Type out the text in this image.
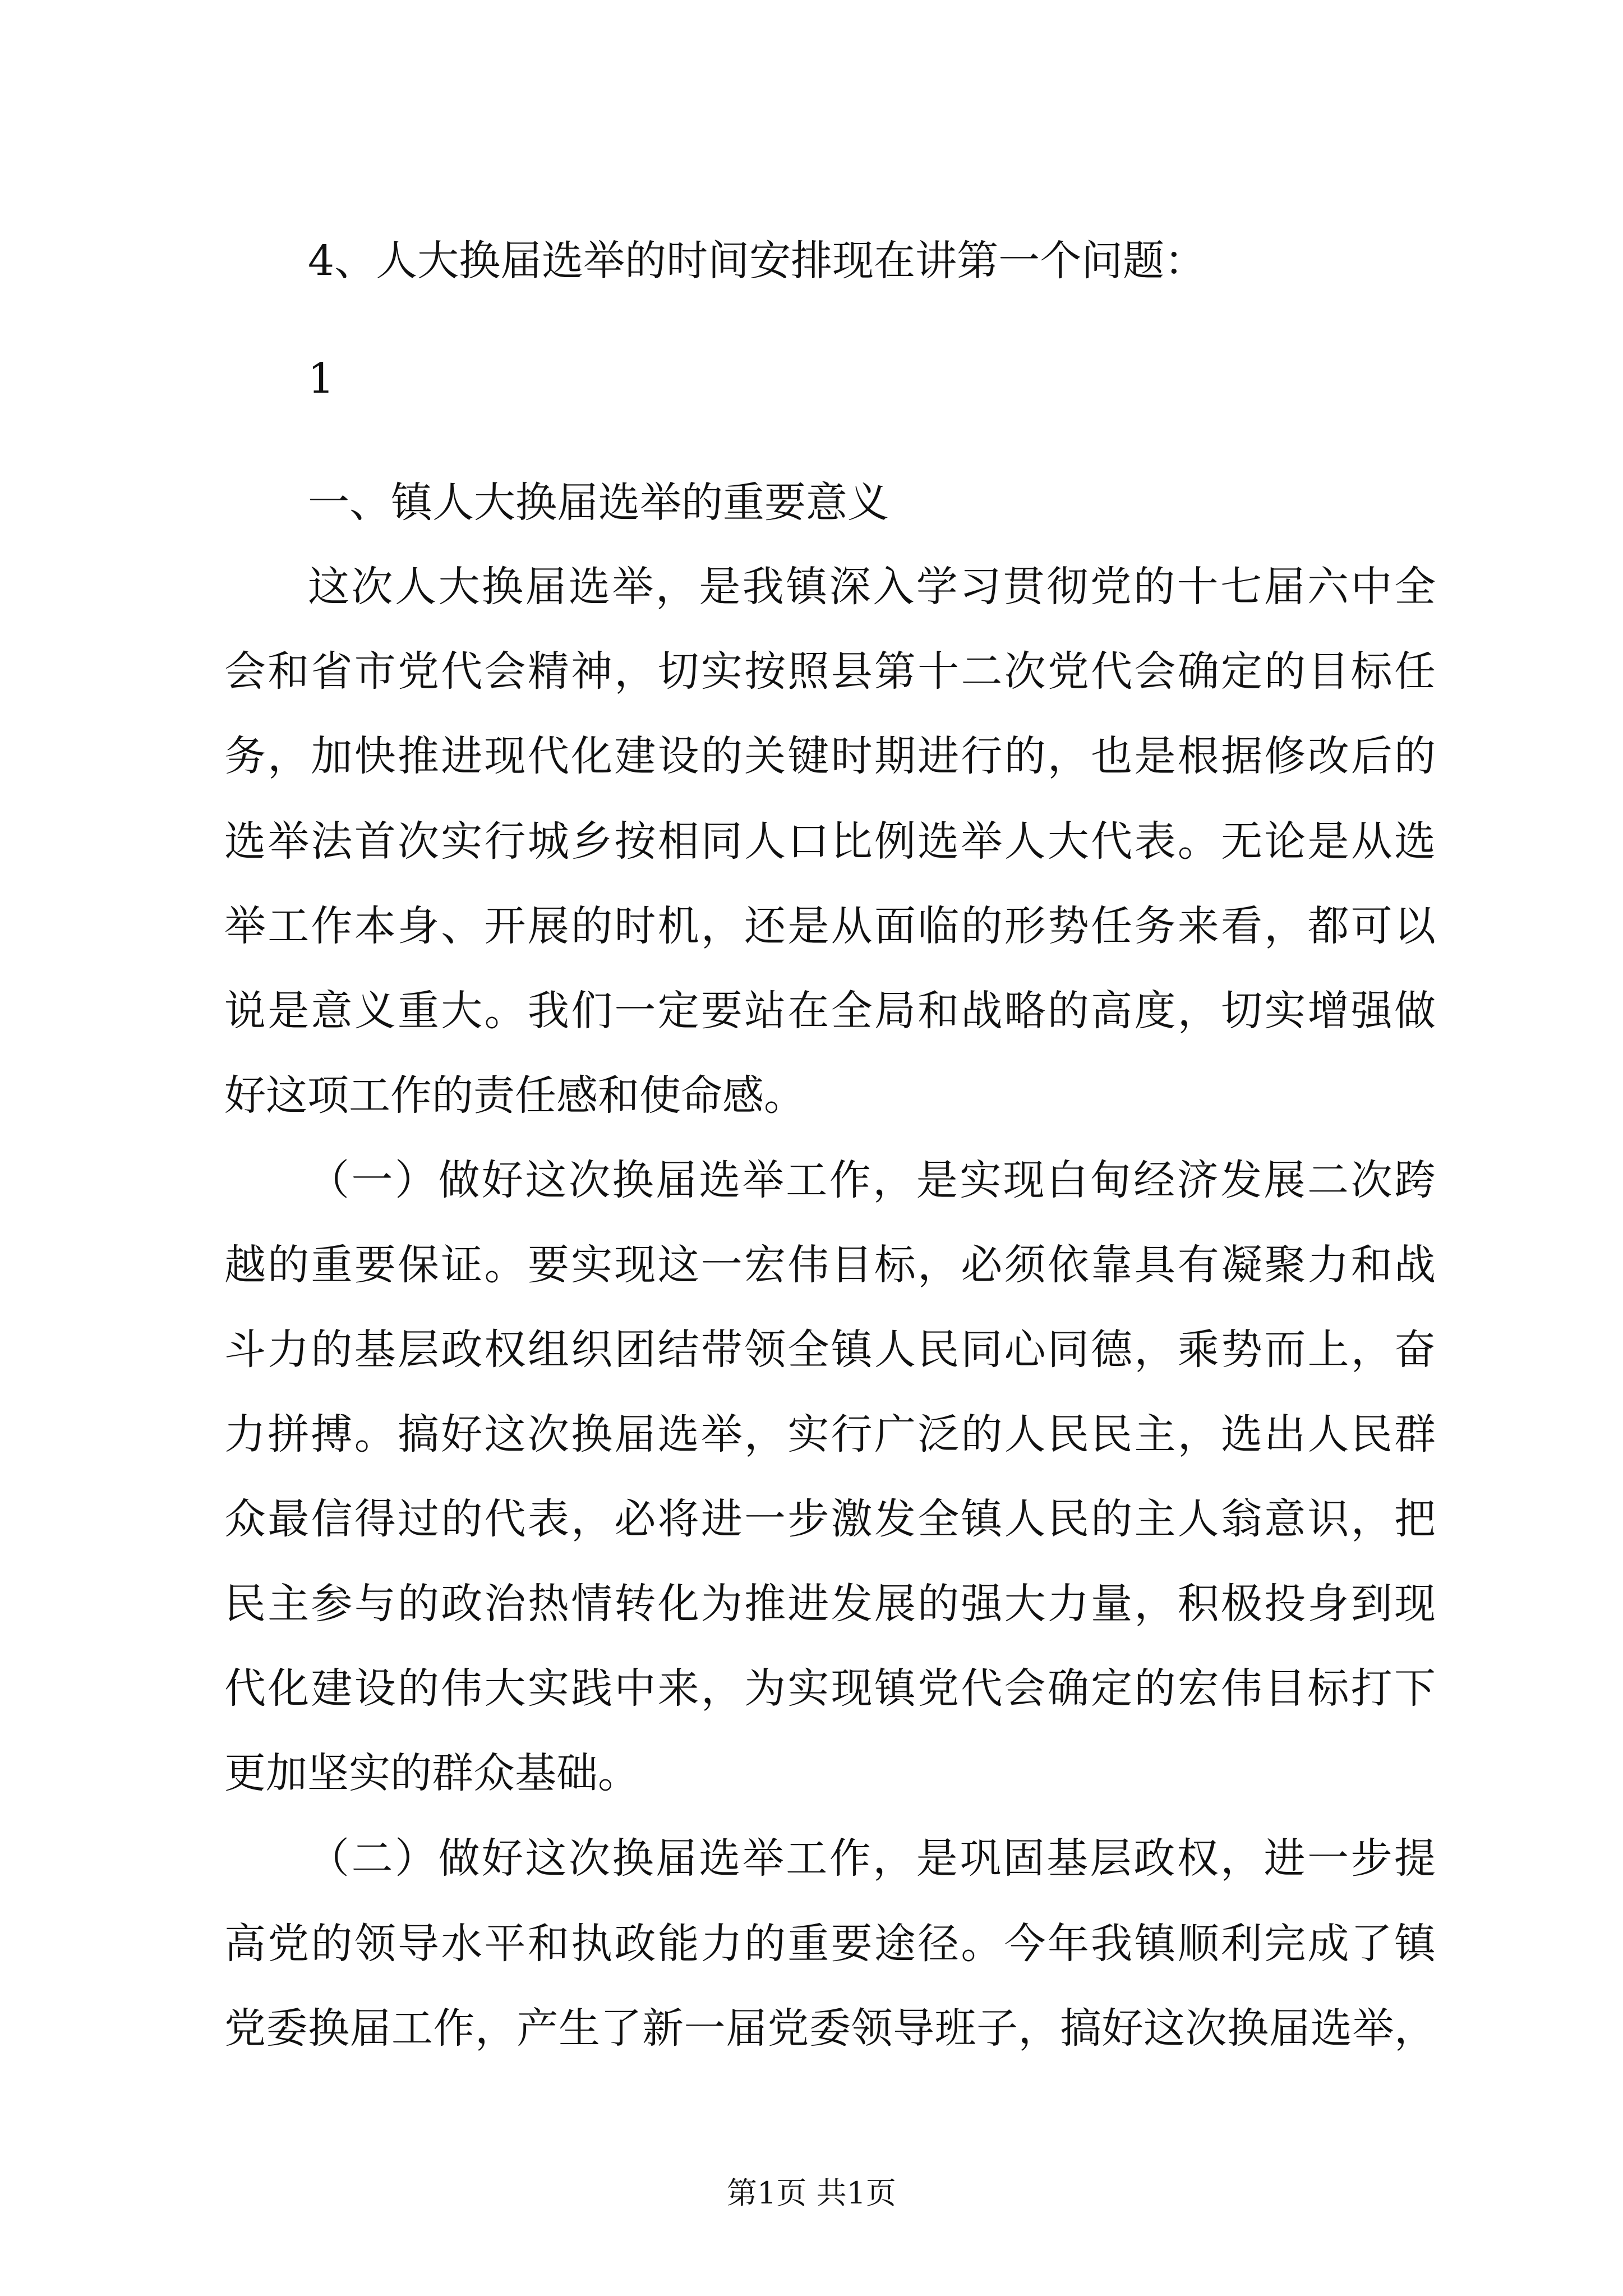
4、人大换届选举的时间安排现在讲第一个问题：
1
一、镇人大换届选举的重要意义
这次人大换届选举，是我镇深入学习贯彻党的十七届六中全
会和省市党代会精神，切实按照县第十二次党代会确定的目标任
务，加快推进现代化建设的关键时期进行的，也是根据修改后的
选举法首次实行城乡按相同人口比例选举人大代表。无论是从选
举工作本身、开展的时机，还是从面临的形势任务来看，都可以
说是意义重大。我们一定要站在全局和战略的高度，切实增强做
好这项工作的责任感和使命感。
（一）做好这次换届选举工作，是实现白甸经济发展二次跨
越的重要保证。要实现这一宏伟目标，必须依靠具有凝聚力和战
斗力的基层政权组织团结带领全镇人民同心同德，乘势而上，奋
力拼搏。搞好这次换届选举，实行广泛的人民民主，选出人民群
众最信得过的代表，必将进一步激发全镇人民的主人翁意识，把
民主参与的政治热情转化为推进发展的强大力量，积极投身到现
代化建设的伟大实践中来，为实现镇党代会确定的宏伟目标打下
更加坚实的群众基础。
（二）做好这次换届选举工作，是巩固基层政权，进一步提
高党的领导水平和执政能力的重要途径。今年我镇顺利完成了镇
党委换届工作，产生了新一届党委领导班子，搞好这次换届选举，
第1页 共1页
